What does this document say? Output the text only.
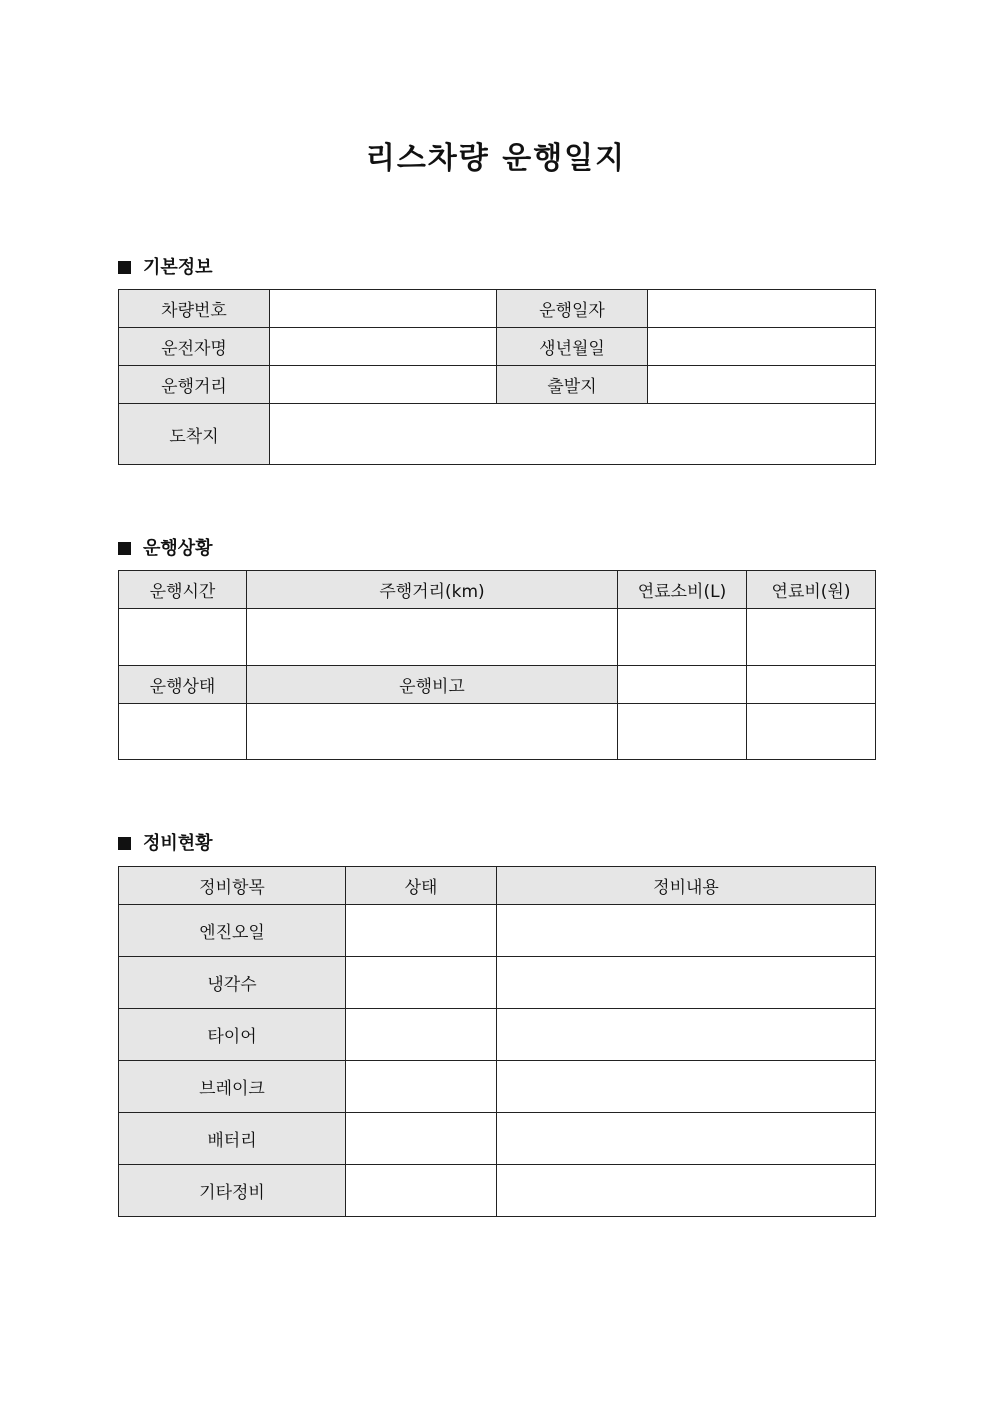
리스차량 운행일지
기본정보
차량번호		운행일자	
운전자명		생년월일	
운행거리		출발지	
도착지			
운행상황
운행시간	주행거리(km)	연료소비(L)	연료비(원)

운행상태	운행비고		

정비현황
정비항목	상태	정비내용
엔진오일		
냉각수		
타이어		
브레이크		
배터리		
기타정비		
